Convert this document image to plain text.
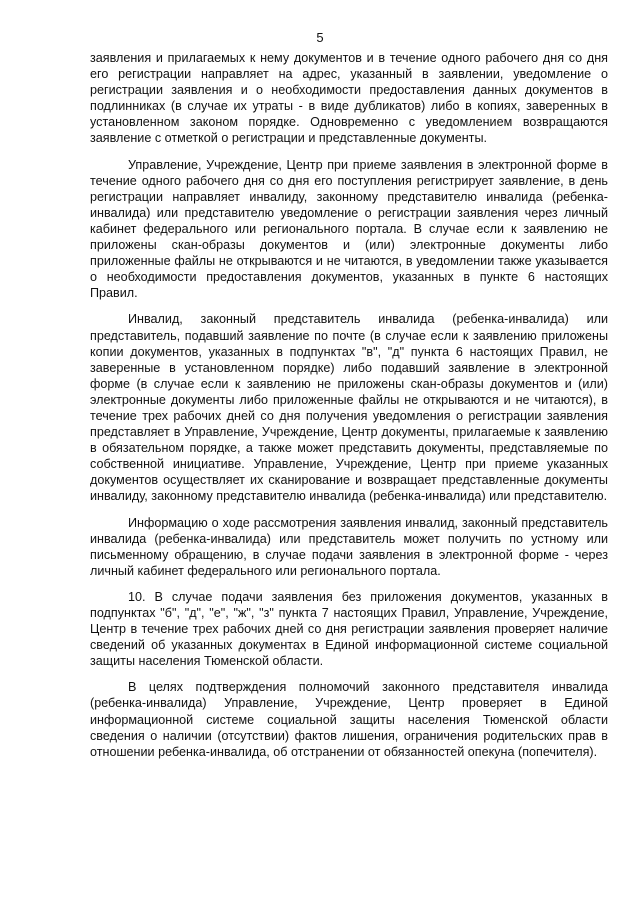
5

заявления и прилагаемых к нему документов и в течение одного рабочего дня со дня его регистрации направляет на адрес, указанный в заявлении, уведомление о регистрации заявления и о необходимости предоставления данных документов в подлинниках (в случае их утраты - в виде дубликатов) либо в копиях, заверенных в установленном законом порядке. Одновременно с уведомлением возвращаются заявление с отметкой о регистрации и представленные документы.

Управление, Учреждение, Центр при приеме заявления в электронной форме в течение одного рабочего дня со дня его поступления регистрирует заявление, в день регистрации направляет инвалиду, законному представителю инвалида (ребенка-инвалида) или представителю уведомление о регистрации заявления через личный кабинет федерального или регионального портала. В случае если к заявлению не приложены скан-образы документов и (или) электронные документы либо приложенные файлы не открываются и не читаются, в уведомлении также указывается о необходимости предоставления документов, указанных в пункте 6 настоящих Правил.

Инвалид, законный представитель инвалида (ребенка-инвалида) или представитель, подавший заявление по почте (в случае если к заявлению приложены копии документов, указанных в подпунктах "в", "д" пункта 6 настоящих Правил, не заверенные в установленном порядке) либо подавший заявление в электронной форме (в случае если к заявлению не приложены скан-образы документов и (или) электронные документы либо приложенные файлы не открываются и не читаются), в течение трех рабочих дней со дня получения уведомления о регистрации заявления представляет в Управление, Учреждение, Центр документы, прилагаемые к заявлению в обязательном порядке, а также может представить документы, представляемые по собственной инициативе. Управление, Учреждение, Центр при приеме указанных документов осуществляет их сканирование и возвращает представленные документы инвалиду, законному представителю инвалида (ребенка-инвалида) или представителю.

Информацию о ходе рассмотрения заявления инвалид, законный представитель инвалида (ребенка-инвалида) или представитель может получить по устному или письменному обращению, в случае подачи заявления в электронной форме - через личный кабинет федерального или регионального портала.

10. В случае подачи заявления без приложения документов, указанных в подпунктах "б", "д", "е", "ж", "з" пункта 7 настоящих Правил, Управление, Учреждение, Центр в течение трех рабочих дней со дня регистрации заявления проверяет наличие сведений об указанных документах в Единой информационной системе социальной защиты населения Тюменской области.

В целях подтверждения полномочий законного представителя инвалида (ребенка-инвалида) Управление, Учреждение, Центр проверяет в Единой информационной системе социальной защиты населения Тюменской области сведения о наличии (отсутствии) фактов лишения, ограничения родительских прав в отношении ребенка-инвалида, об отстранении от обязанностей опекуна (попечителя).
